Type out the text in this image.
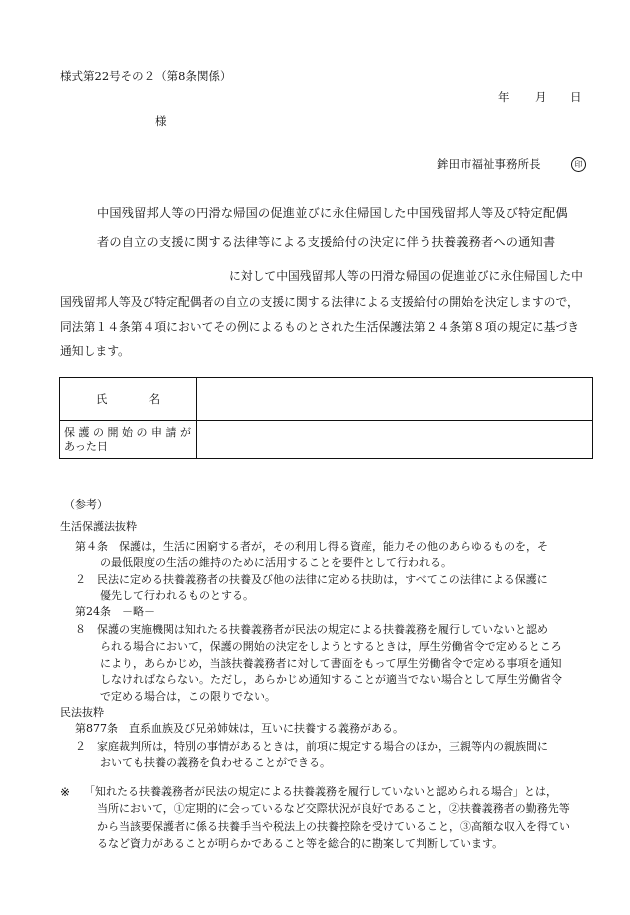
様式第22号その２（第8条関係）
年 月 日
様
鉾田市福祉事務所長	印
中国残留邦人等の円滑な帰国の促進並びに永住帰国した中国残留邦人等及び特定配偶
者の自立の支援に関する法律等による支援給付の決定に伴う扶養義務者への通知書
に対して中国残留邦人等の円滑な帰国の促進並びに永住帰国した中
国残留邦人等及び特定配偶者の自立の支援に関する法律による支援給付の開始を決定しますので，
同法第１４条第４項においてその例によるものとされた生活保護法第２４条第８項の規定に基づき
通知します。
氏 名	

保 護 の 開 始 の 申 請 が
あった日	

（参考）
生活保護法抜粋
第４条　保護は，生活に困窮する者が，その利用し得る資産，能力その他のあらゆるものを，そ
の最低限度の生活の維持のために活用することを要件として行われる。
２　民法に定める扶養義務者の扶養及び他の法律に定める扶助は，すべてこの法律による保護に
優先して行われるものとする。
第24条　－略－
８　保護の実施機関は知れたる扶養義務者が民法の規定による扶養義務を履行していないと認め
られる場合において，保護の開始の決定をしようとするときは，厚生労働省令で定めるところ
により，あらかじめ，当該扶養義務者に対して書面をもって厚生労働省令で定める事項を通知
しなければならない。ただし，あらかじめ通知することが適当でない場合として厚生労働省令
で定める場合は，この限りでない。
民法抜粋
第877条　直系血族及び兄弟姉妹は，互いに扶養する義務がある。
２　家庭裁判所は，特別の事情があるときは，前項に規定する場合のほか，三親等内の親族間に
おいても扶養の義務を負わせることができる。
※ 「知れたる扶養義務者が民法の規定による扶養義務を履行していないと認められる場合」とは，
当所において，①定期的に会っているなど交際状況が良好であること，②扶養義務者の勤務先等
から当該要保護者に係る扶養手当や税法上の扶養控除を受けていること，③高額な収入を得てい
るなど資力があることが明らかであること等を総合的に勘案して判断しています。
